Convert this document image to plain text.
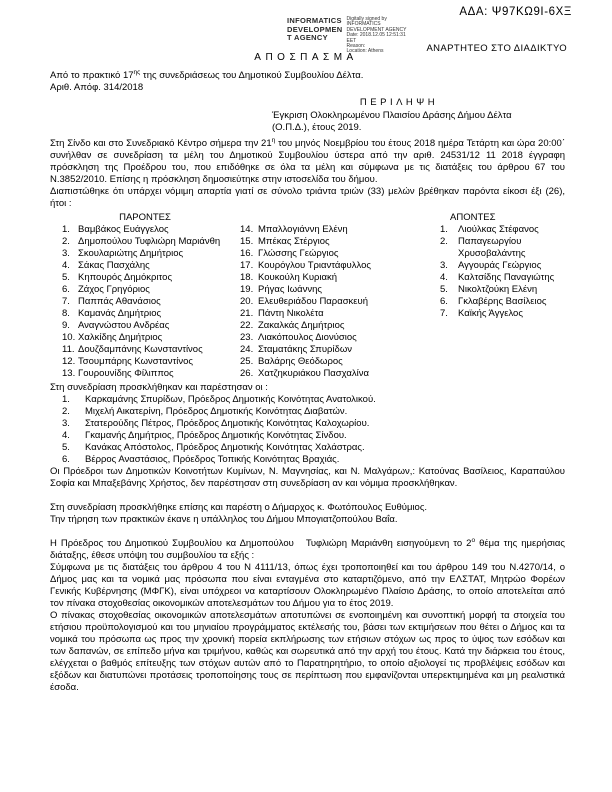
ΑΔΑ: Ψ97ΚΩ9Ι-6ΧΞ
INFORMATICS
DEVELOPMEN
T AGENCY
Digitally signed by
INFORMATICS
DEVELOPMENT AGENCY
Date: 2018.12.05 12:51:31
EET
Reason:
Location: Athens	ΑΝΑΡΤΗΤΕΟ ΣΤΟ ΔΙΑΔΙΚΤΥΟ
ΑΠΟΣΠΑΣΜΑ
Από το πρακτικό $17^{\eta\varsigma}$ της συνεδριάσεως του Δημοτικού Συμβουλίου Δέλτα.
Αριθ. Απόφ. 314/2018
ΠΕΡΙΛΗΨΗ
Έγκριση Ολοκληρωμένου Πλαισίου Δράσης Δήμου Δέλτα
(Ο.Π.Δ.), έτους 2019.
Στη Σίνδο και στο Συνεδριακό Κέντρο σήμερα την $21^\eta$ του μηνός Νοεμβρίου του έτους 2018 ημέρα Τετάρτη και ώρα 20:00΄ συνήλθαν σε συνεδρίαση τα μέλη του Δημοτικού Συμβουλίου ύστερα από την αριθ. 24531/12 11 2018 έγγραφη πρόσκληση της Προέδρου του, που επιδόθηκε σε όλα τα μέλη και σύμφωνα με τις διατάξεις του άρθρου 67 του Ν.3852/2010. Επίσης η πρόσκληση δημοσιεύτηκε στην ιστοσελίδα του δήμου.
Διαπιστώθηκε ότι υπάρχει νόμιμη απαρτία γιατί σε σύνολο τριάντα τριών (33) μελών βρέθηκαν παρόντα είκοσι έξι (26), ήτοι :
ΠΑΡΟΝΤΕΣ	ΑΠΟΝΤΕΣ
1. Βαμβάκος Ευάγγελος
2. Δημοπούλου Τυφλιώρη Μαριάνθη
3. Σκουλαριώτης Δημήτριος
4. Σάκας Πασχάλης
5. Κηπουρός Δημόκριτος
6. Ζάχος Γρηγόριος
7. Παππάς Αθανάσιος
8. Καμανάς Δημήτριος
9. Αναγνώστου Ανδρέας
10. Χαλκίδης Δημήτριος
11. Δουζδαμπάνης Κωνσταντίνος
12. Τσουμπάρης Κωνσταντίνος
13. Γουρουνίδης Φίλιππος
14. Μπαλλογιάννη Ελένη
15. Μπέκας Στέργιος
16. Γλώσσης Γεώργιος
17. Κουρόγλου Τριαντάφυλλος
18. Κουκούλη Κυριακή
19. Ρήγας Ιωάννης
20. Ελευθεριάδου Παρασκευή
21. Πάντη Νικολέτα
22. Ζακαλκάς Δημήτριος
23. Λιακόπουλος Διονύσιος
24. Σταματάκης Σπυρίδων
25. Βαλάρης Θεόδωρος
26. Χατζηκυριάκου Πασχαλίνα
1.	Λιούλκας Στέφανος
2.	Παπαγεωργίου Χρυσοβαλάντης
3.	Αγγουράς Γεώργιος
4.	Καλτσίδης Παναγιώτης
5.	Νικολτζούκη Ελένη
6.	Γκλαβέρης Βασίλειος
7.	Καϊκής Άγγελος
Στη συνεδρίαση προσκλήθηκαν και παρέστησαν οι :
1.	Καρκαμάνης Σπυρίδων, Πρόεδρος Δημοτικής Κοινότητας Ανατολικού.
2.	Μιχελή Αικατερίνη, Πρόεδρος Δημοτικής Κοινότητας Διαβατών.
3.	Στατερούδης Πέτρος, Πρόεδρος Δημοτικής Κοινότητας Καλοχωρίου.
4.	Γκαμανής Δημήτριος, Πρόεδρος Δημοτικής Κοινότητας Σίνδου.
5.	Κανάκας Απόστολος, Πρόεδρος Δημοτικής Κοινότητας Χαλάστρας.
6.	Βέρρος Αναστάσιος, Πρόεδρος Τοπικής Κοινότητας Βραχιάς.
Οι Πρόεδροι των Δημοτικών Κοινοτήτων Κυμίνων, Ν. Μαγνησίας, και Ν. Μαλγάρων,: Κατούνας Βασίλειος, Καραπαύλου Σοφία και Μπαξεβάνης Χρήστος, δεν παρέστησαν στη συνεδρίαση αν και νόμιμα προσκλήθηκαν.
Στη συνεδρίαση προσκλήθηκε επίσης και παρέστη ο Δήμαρχος κ. Φωτόπουλος Ευθύμιος.
Την τήρηση των πρακτικών έκανε η υπάλληλος του Δήμου Μπογιατζοπούλου Βαΐα.
Η Πρόεδρος του Δημοτικού Συμβουλίου κα Δημοπούλου   Τυφλιώρη Μαριάνθη εισηγούμενη το $2^o$ θέμα της ημερήσιας διάταξης, έθεσε υπόψη του συμβουλίου τα εξής :
Σύμφωνα με τις διατάξεις του άρθρου 4 του Ν 4111/13, όπως έχει τροποποιηθεί και του άρθρου 149 του Ν.4270/14, ο Δήμος μας και τα νομικά μας πρόσωπα που είναι ενταγμένα στο καταρτιζόμενο, από την ΕΛΣΤΑΤ, Μητρώο Φορέων Γενικής Κυβέρνησης (ΜΦΓΚ), είναι υπόχρεοι να καταρτίσουν Ολοκληρωμένο Πλαίσιο Δράσης, το οποίο αποτελείται από τον πίνακα στοχοθεσίας οικονομικών αποτελεσμάτων του Δήμου για το έτος 2019.
Ο πίνακας στοχοθεσίας οικονομικών αποτελεσμάτων αποτυπώνει σε ενοποιημένη και συνοπτική μορφή τα στοιχεία του ετήσιου προϋπολογισμού και του μηνιαίου προγράμματος εκτέλεσής του, βάσει των εκτιμήσεων που θέτει ο Δήμος και τα νομικά του πρόσωπα ως προς την χρονική πορεία εκπλήρωσης των ετήσιων στόχων ως προς το ύψος των εσόδων και των δαπανών, σε επίπεδο μήνα και τριμήνου, καθώς και σωρευτικά από την αρχή του έτους. Κατά την διάρκεια του έτους, ελέγχεται ο βαθμός επίτευξης των στόχων αυτών από το Παρατηρητήριο, το οποίο αξιολογεί τις προβλέψεις εσόδων και εξόδων και διατυπώνει προτάσεις τροποποίησης τους σε περίπτωση που εμφανίζονται υπερεκτιμημένα και μη ρεαλιστικά έσοδα.
